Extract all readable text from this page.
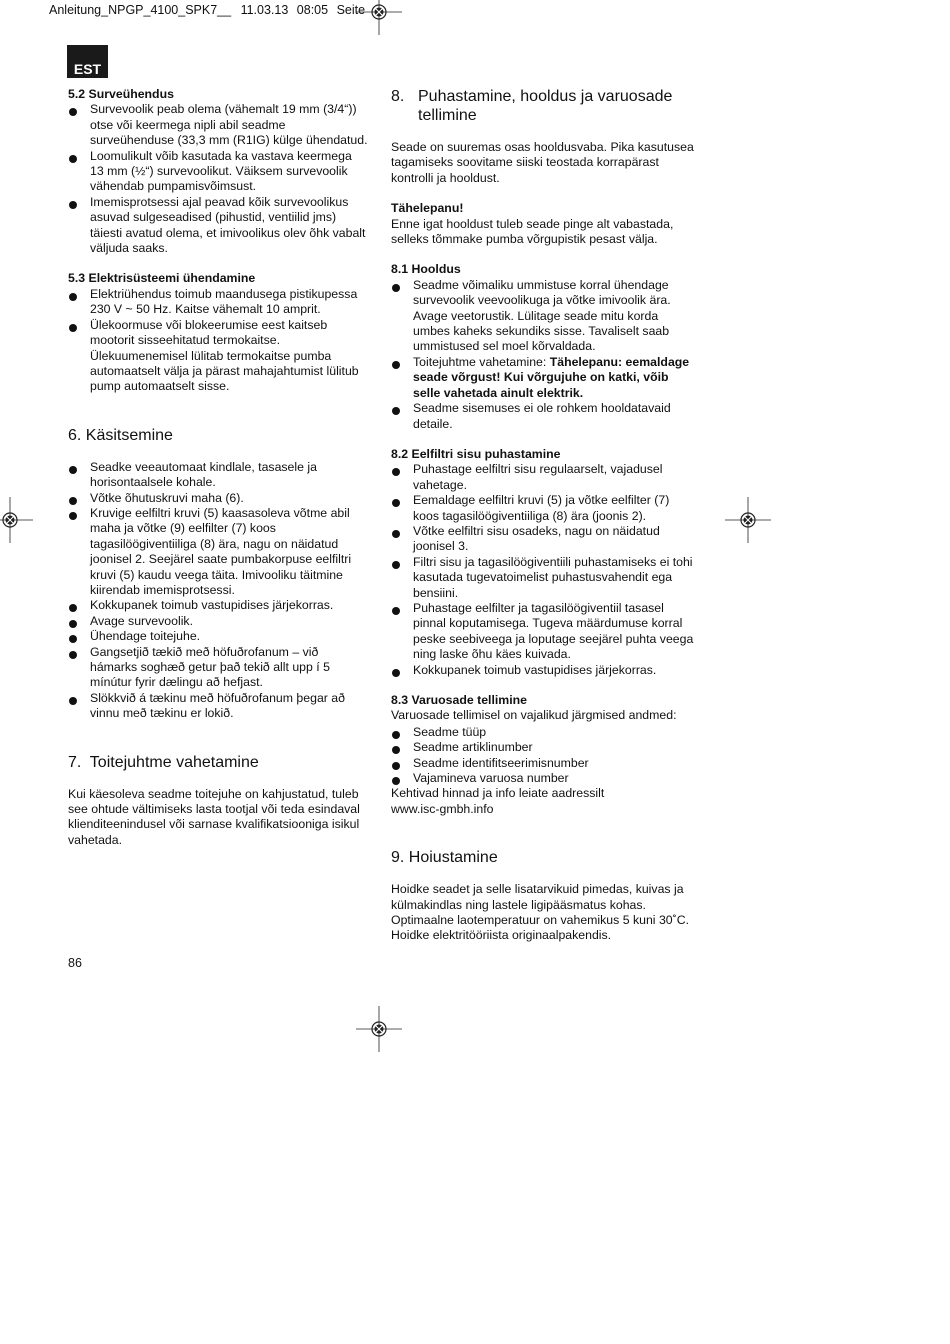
Anleitung_NPGP_4100_SPK7__ 11.03.13 08:05 Seite
EST

5.2 Surveühendus

Survevoolik peab olema (vähemalt 19 mm (3/4“)) otse või keermega nipli abil seadme surveühenduse (33,3 mm (R1IG) külge ühendatud.
Loomulikult võib kasutada ka vastava keermega 13 mm (½“) survevoolikut. Väiksem survevoolik vähendab pumpamisvõimsust.
Imemisprotsessi ajal peavad kõik survevoolikus asuvad sulgeseadised (pihustid, ventiilid jms) täiesti avatud olema, et imivoolikus olev õhk vabalt väljuda saaks.

5.3 Elektrisüsteemi ühendamine

Elektriühendus toimub maandusega pistikupessa 230 V ~ 50 Hz. Kaitse vähemalt 10 amprit.
Ülekoormuse või blokeerumise eest kaitseb mootorit sisseehitatud termokaitse. Ülekuumenemisel lülitab termokaitse pumba automaatselt välja ja pärast mahajahtumist lülitub pump automaatselt sisse.
6. Käsitsemine
Seadke veeautomaat kindlale, tasasele ja horisontaalsele kohale.
Võtke õhutuskruvi maha (6).
Kruvige eelfiltri kruvi (5) kaasasoleva võtme abil maha ja võtke (9) eelfilter (7) koos tagasilöögiventiiliga (8) ära, nagu on näidatud joonisel 2. Seejärel saate pumbakorpuse eelfiltri kruvi (5) kaudu veega täita. Imivooliku täitmine kiirendab imemisprotsessi.
Kokkupanek toimub vastupidises järjekorras.
Avage survevoolik.
Ühendage toitejuhe.
Gangsetjið tækið með höfuðrofanum – við hámarks soghæð getur það tekið allt upp í 5 mínútur fyrir dælingu að hefjast.
Slökkvið á tækinu með höfuðrofanum þegar að vinnu með tækinu er lokið.
7. Toitejuhtme vahetamine

Kui käesoleva seadme toitejuhe on kahjustatud, tuleb see ohtude vältimiseks lasta tootjal või teda esindaval klienditeenindusel või sarnase kvalifikatsiooniga isikul vahetada.

8. Puhastamine, hooldus ja varuosade tellimine

Seade on suuremas osas hooldusvaba. Pika kasutusea tagamiseks soovitame siiski teostada korrapärast kontrolli ja hooldust.

Tähelepanu!

Enne igat hooldust tuleb seade pinge alt vabastada, selleks tõmmake pumba võrgupistik pesast välja.

8.1 Hooldus

Seadme võimaliku ummistuse korral ühendage survevoolik veevoolikuga ja võtke imivoolik ära. Avage veetorustik. Lülitage seade mitu korda umbes kaheks sekundiks sisse. Tavaliselt saab ummistused sel moel kõrvaldada.
Toitejuhtme vahetamine: Tähelepanu: eemaldage seade võrgust! Kui võrgujuhe on katki, võib selle vahetada ainult elektrik.
Seadme sisemuses ei ole rohkem hooldatavaid detaile.

8.2 Eelfiltri sisu puhastamine

Puhastage eelfiltri sisu regulaarselt, vajadusel vahetage.
Eemaldage eelfiltri kruvi (5) ja võtke eelfilter (7) koos tagasilöögiventiiliga (8) ära (joonis 2).
Võtke eelfiltri sisu osadeks, nagu on näidatud joonisel 3.
Filtri sisu ja tagasilöögiventiili puhastamiseks ei tohi kasutada tugevatoimelist puhastusvahendit ega bensiini.
Puhastage eelfilter ja tagasilöögiventiil tasasel pinnal koputamisega. Tugeva määrdumuse korral peske seebiveega ja loputage seejärel puhta veega ning laske õhu käes kuivada.
Kokkupanek toimub vastupidises järjekorras.

8.3 Varuosade tellimine

Varuosade tellimisel on vajalikud järgmised andmed:

Seadme tüüp
Seadme artiklinumber
Seadme identifitseerimisnumber
Vajamineva varuosa number

Kehtivad hinnad ja info leiate aadressilt

www.isc-gmbh.info

9. Hoiustamine

Hoidke seadet ja selle lisatarvikuid pimedas, kuivas ja külmakindlas ning lastele ligipääsmatus kohas. Optimaalne laotemperatuur on vahemikus 5 kuni 30˚C. Hoidke elektritööriista originaalpakendis.

86
